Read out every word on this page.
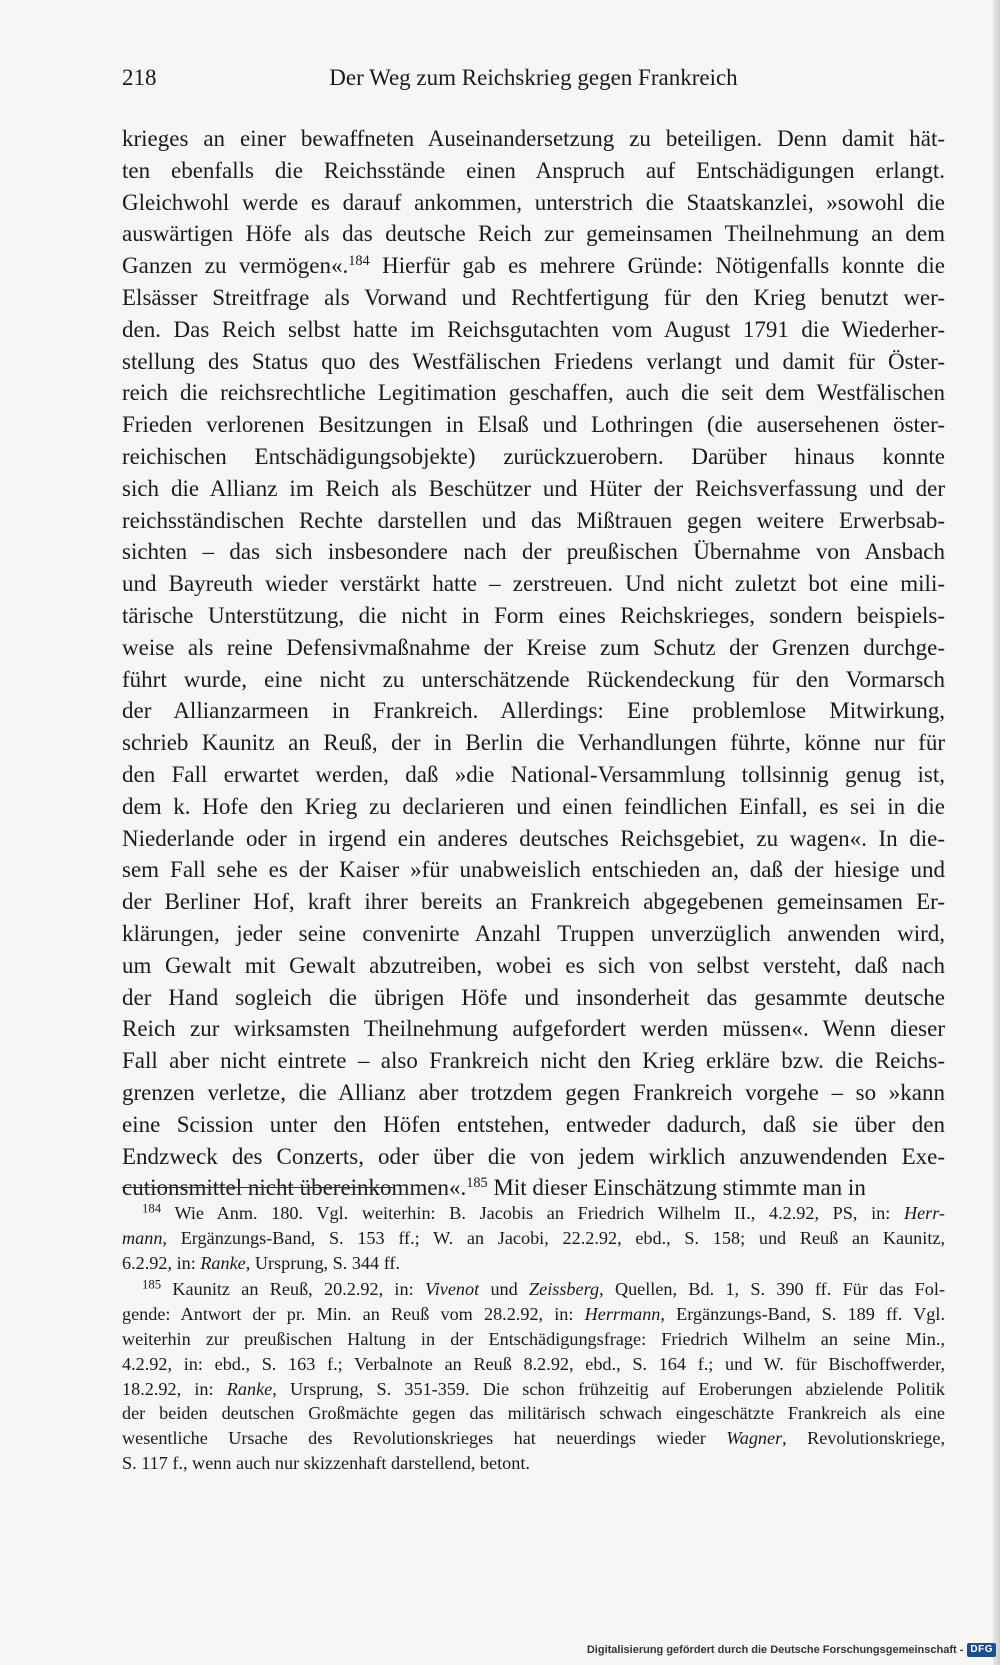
218	Der Weg zum Reichskrieg gegen Frankreich
krieges an einer bewaffneten Auseinandersetzung zu beteiligen. Denn damit hät-
ten ebenfalls die Reichsstände einen Anspruch auf Entschädigungen erlangt.
Gleichwohl werde es darauf ankommen, unterstrich die Staatskanzlei, »sowohl die
auswärtigen Höfe als das deutsche Reich zur gemeinsamen Theilnehmung an dem
Ganzen zu vermögen«.$^{184}$ Hierfür gab es mehrere Gründe: Nötigenfalls konnte die
Elsässer Streitfrage als Vorwand und Rechtfertigung für den Krieg benutzt wer-
den. Das Reich selbst hatte im Reichsgutachten vom August 1791 die Wiederher-
stellung des Status quo des Westfälischen Friedens verlangt und damit für Öster-
reich die reichsrechtliche Legitimation geschaffen, auch die seit dem Westfälischen
Frieden verlorenen Besitzungen in Elsaß und Lothringen (die ausersehenen öster-
reichischen Entschädigungsobjekte) zurückzuerobern. Darüber hinaus konnte
sich die Allianz im Reich als Beschützer und Hüter der Reichsverfassung und der
reichsständischen Rechte darstellen und das Mißtrauen gegen weitere Erwerbsab-
sichten – das sich insbesondere nach der preußischen Übernahme von Ansbach
und Bayreuth wieder verstärkt hatte – zerstreuen. Und nicht zuletzt bot eine mili-
tärische Unterstützung, die nicht in Form eines Reichskrieges, sondern beispiels-
weise als reine Defensivmaßnahme der Kreise zum Schutz der Grenzen durchge-
führt wurde, eine nicht zu unterschätzende Rückendeckung für den Vormarsch
der Allianzarmeen in Frankreich. Allerdings: Eine problemlose Mitwirkung,
schrieb Kaunitz an Reuß, der in Berlin die Verhandlungen führte, könne nur für
den Fall erwartet werden, daß »die National-Versammlung tollsinnig genug ist,
dem k. Hofe den Krieg zu declarieren und einen feindlichen Einfall, es sei in die
Niederlande oder in irgend ein anderes deutsches Reichsgebiet, zu wagen«. In die-
sem Fall sehe es der Kaiser »für unabweislich entschieden an, daß der hiesige und
der Berliner Hof, kraft ihrer bereits an Frankreich abgegebenen gemeinsamen Er-
klärungen, jeder seine convenirte Anzahl Truppen unverzüglich anwenden wird,
um Gewalt mit Gewalt abzutreiben, wobei es sich von selbst versteht, daß nach
der Hand sogleich die übrigen Höfe und insonderheit das gesammte deutsche
Reich zur wirksamsten Theilnehmung aufgefordert werden müssen«. Wenn dieser
Fall aber nicht eintrete – also Frankreich nicht den Krieg erkläre bzw. die Reichs-
grenzen verletze, die Allianz aber trotzdem gegen Frankreich vorgehe – so »kann
eine Scission unter den Höfen entstehen, entweder dadurch, daß sie über den
Endzweck des Conzerts, oder über die von jedem wirklich anzuwendenden Exe-
cutionsmittel nicht übereinkommen«.$^{185}$ Mit dieser Einschätzung stimmte man in
$^{184}$ Wie Anm. 180. Vgl. weiterhin: B. Jacobis an Friedrich Wilhelm II., 4.2.92, PS, in: Herr-
mann, Ergänzungs-Band, S. 153 ff.; W. an Jacobi, 22.2.92, ebd., S. 158; und Reuß an Kaunitz,
6.2.92, in: Ranke, Ursprung, S. 344 ff.
$^{185}$ Kaunitz an Reuß, 20.2.92, in: Vivenot und Zeissberg, Quellen, Bd. 1, S. 390 ff. Für das Fol-
gende: Antwort der pr. Min. an Reuß vom 28.2.92, in: Herrmann, Ergänzungs-Band, S. 189 ff. Vgl.
weiterhin zur preußischen Haltung in der Entschädigungsfrage: Friedrich Wilhelm an seine Min.,
4.2.92, in: ebd., S. 163 f.; Verbalnote an Reuß 8.2.92, ebd., S. 164 f.; und W. für Bischoffwerder,
18.2.92, in: Ranke, Ursprung, S. 351-359. Die schon frühzeitig auf Eroberungen abzielende Politik
der beiden deutschen Großmächte gegen das militärisch schwach eingeschätzte Frankreich als eine
wesentliche Ursache des Revolutionskrieges hat neuerdings wieder Wagner, Revolutionskriege,
S. 117 f., wenn auch nur skizzenhaft darstellend, betont.
Digitalisierung gefördert durch die Deutsche Forschungsgemeinschaft - DFG
